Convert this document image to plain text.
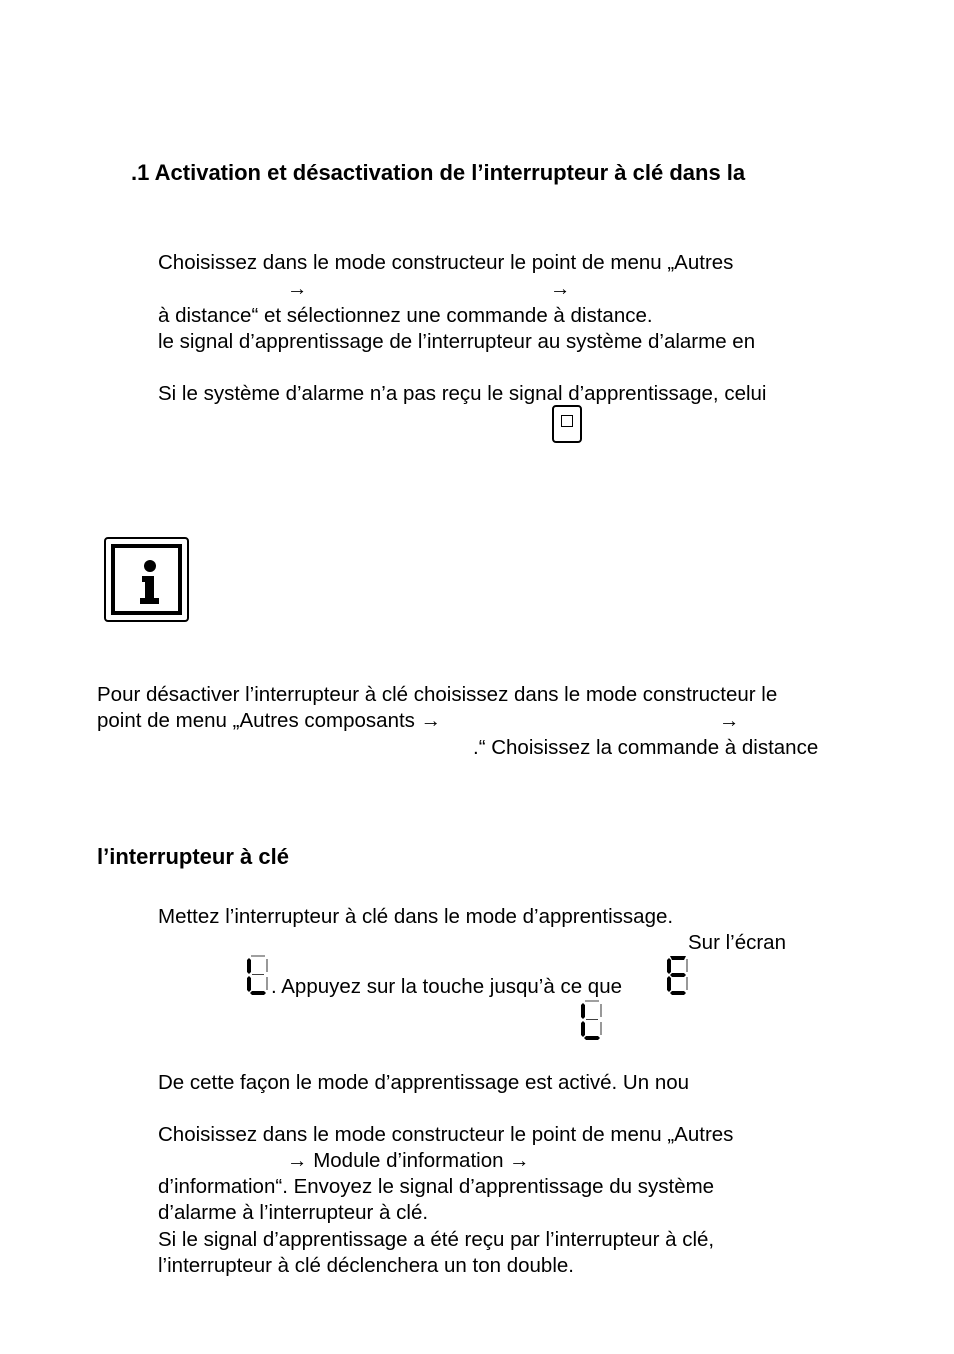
.1 Activation et désactivation de l’interrupteur à clé dans la
Choisissez dans le mode constructeur le point de menu „Autres
→	→
à distance“ et sélectionnez une commande à distance.
le signal d’apprentissage de l’interrupteur au système d’alarme en
Si le système d’alarme n’a pas reçu le signal d’apprentissage, celui
Pour désactiver l’interrupteur à clé choisissez dans le mode constructeur le
point de menu „Autres composants →	→
.“ Choisissez la commande à distance
l’interrupteur à clé
Mettez l’interrupteur à clé dans le mode d’apprentissage.
Sur l’écran
. Appuyez sur la touche jusqu’à ce que
De cette façon le mode d’apprentissage est activé. Un nou
Choisissez dans le mode constructeur le point de menu „Autres
→ Module d’information →
d’information“. Envoyez le signal d’apprentissage du système
d’alarme à l’interrupteur à clé.
Si le signal d’apprentissage a été reçu par l’interrupteur à clé,
l’interrupteur à clé déclenchera un ton double.
